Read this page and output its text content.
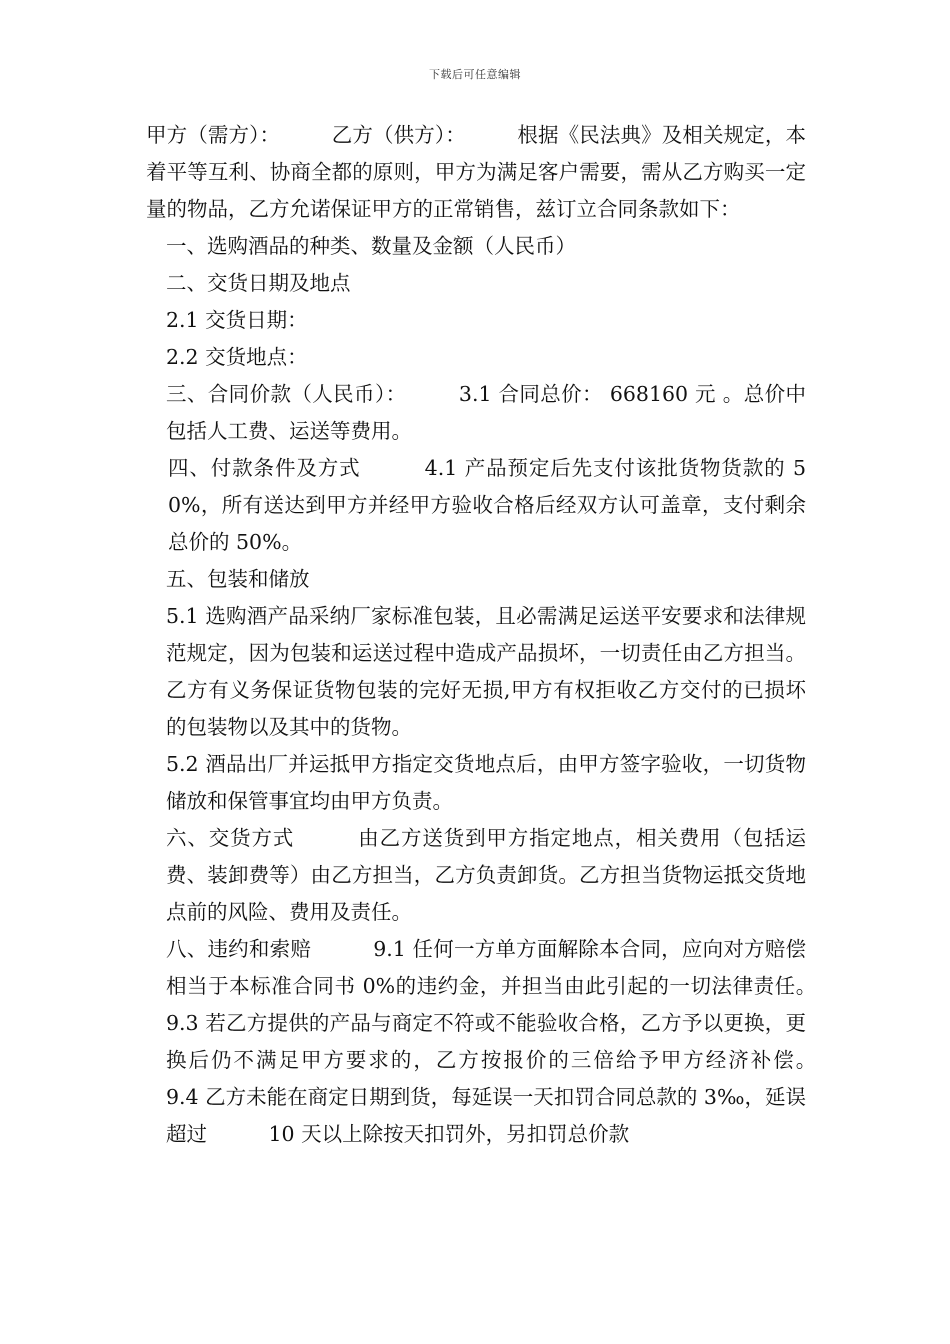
下载后可任意编辑

甲方（需方）：　　　乙方（供方）：　　　根据《民法典》及相关规定，本着平等互利、协商全都的原则，甲方为满足客户需要，需从乙方购买一定量的物品，乙方允诺保证甲方的正常销售，兹订立合同条款如下：

一、选购酒品的种类、数量及金额（人民币）

二、交货日期及地点

2.1 交货日期：

2.2 交货地点：

三、合同价款（人民币）：　　　3.1 合同总价： 668160 元 。总价中包括人工费、运送等费用。

四、付款条件及方式　　　4.1 产品预定后先支付该批货物货款的 50%，所有送达到甲方并经甲方验收合格后经双方认可盖章，支付剩余总价的 50%。

五、包装和储放

5.1 选购酒产品采纳厂家标准包装，且必需满足运送平安要求和法律规范规定，因为包装和运送过程中造成产品损坏，一切责任由乙方担当。乙方有义务保证货物包装的完好无损,甲方有权拒收乙方交付的已损坏的包装物以及其中的货物。

5.2 酒品出厂并运抵甲方指定交货地点后，由甲方签字验收，一切货物储放和保管事宜均由甲方负责。

六、交货方式　　　由乙方送货到甲方指定地点，相关费用（包括运费、装卸费等）由乙方担当，乙方负责卸货。乙方担当货物运抵交货地点前的风险、费用及责任。

八、违约和索赔　　　9.1 任何一方单方面解除本合同，应向对方赔偿相当于本标准合同书 0%的违约金，并担当由此引起的一切法律责任。　　　9.3 若乙方提供的产品与商定不符或不能验收合格，乙方予以更换，更换后仍不满足甲方要求的，乙方按报价的三倍给予甲方经济补偿。　　　9.4 乙方未能在商定日期到货，每延误一天扣罚合同总款的 3‰，延误超过　　　10 天以上除按天扣罚外，另扣罚总价款
